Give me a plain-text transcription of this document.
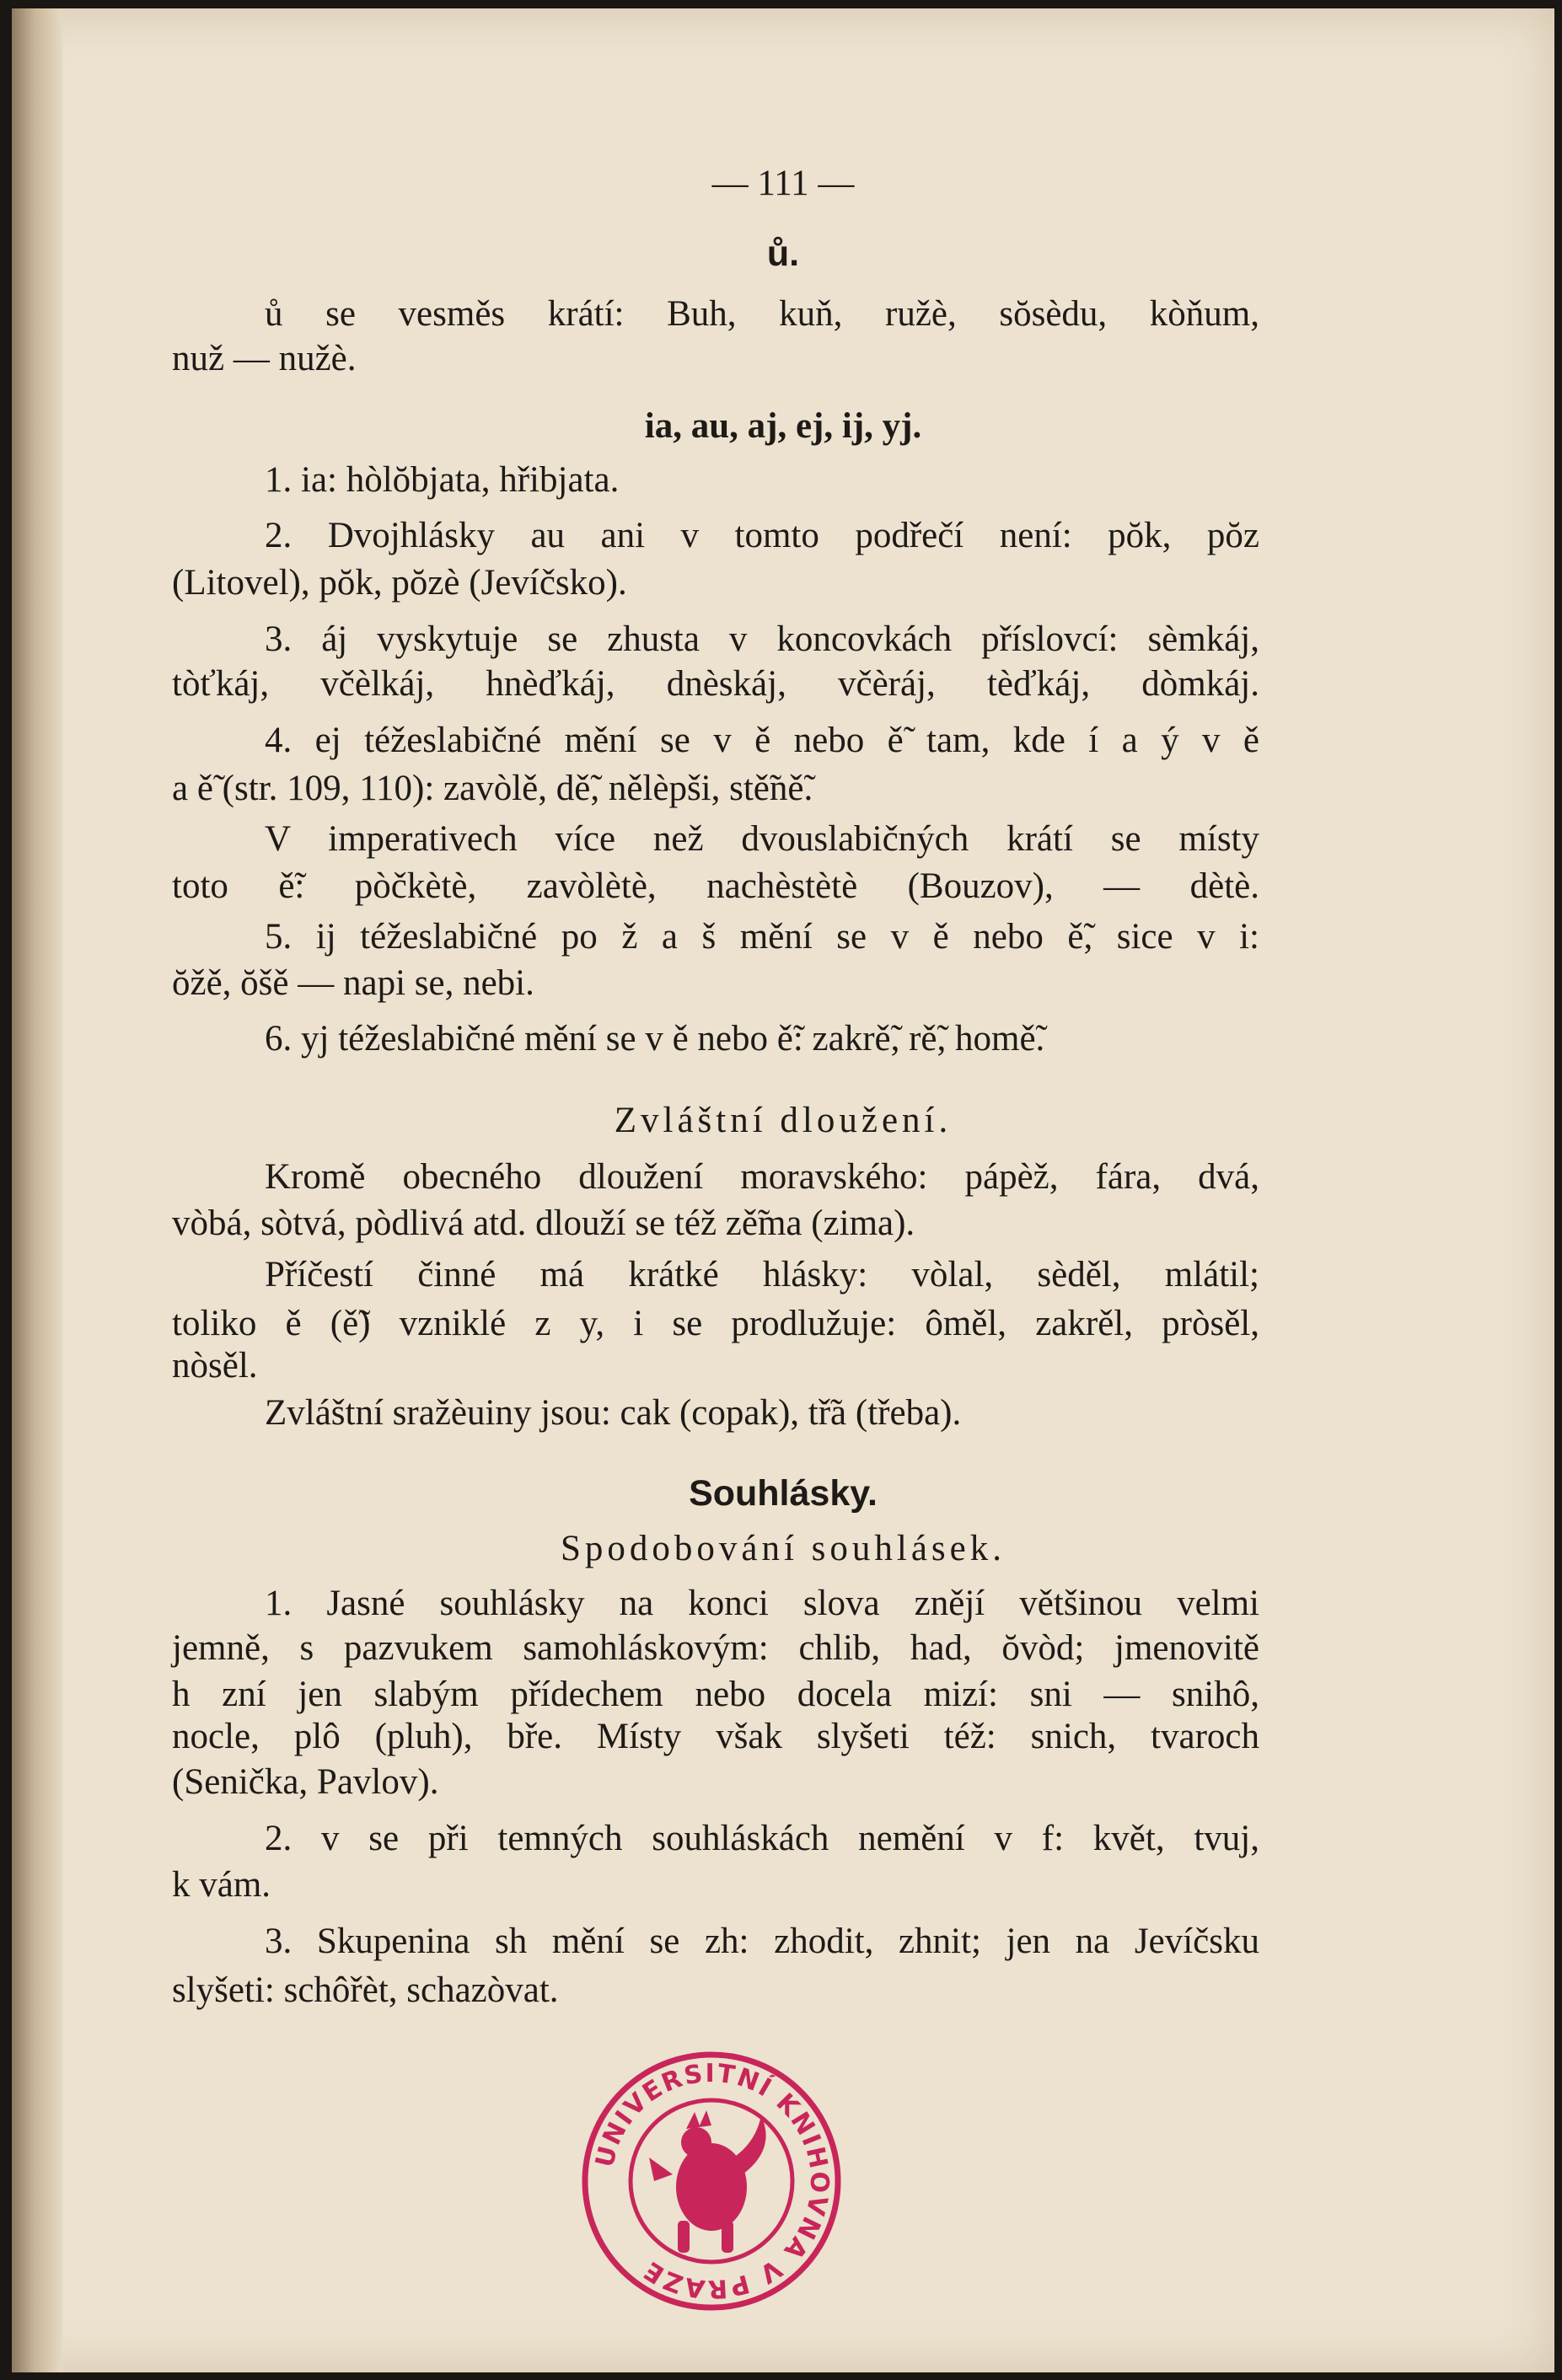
— 111 —
ů.
ů se vesměs krátí: Buh, kuň, ružè, sŏsèdu, kòňum,
nuž — nužè.
ia, au, aj, ej, ij, yj.
1. ia: hòlŏbjata, hřibjata.
2. Dvojhlásky au ani v tomto podřečí není: pŏk, pŏz
(Litovel), pŏk, pŏzè (Jevíčsko).
3. áj vyskytuje se zhusta v koncovkách příslovcí: sèmkáj,
tòťkáj, včèlkáj, hnèďkáj, dnèskáj, včèráj, tèďkáj, dòmkáj.
4. ej téžeslabičné mění se v ě nebo ě̃ tam, kde í a ý v ě
a ě̃ (str. 109, 110): zavòlě, dě̃, nělèpši, stě̃ně̃.
V imperativech více než dvouslabičných krátí se místy
toto ě̃: pòčkètè, zavòlètè, nachèstètè (Bouzov), — dètè.
5. ij téžeslabičné po ž a š mění se v ě nebo ě̃, sice v i:
ŏžě, ŏšě — napi se, nebi.
6. yj téžeslabičné mění se v ě nebo ě̃: zakrě̃, rě̃, homě̃.
Zvláštní dloužení.
Kromě obecného dloužení moravského: pápèž, fára, dvá,
vòbá, sòtvá, pòdlivá atd. dlouží se též zě̃ma (zima).
Příčestí činné má krátké hlásky: vòlal, sèděl, mlátil;
toliko ě (ě̃) vzniklé z y, i se prodlužuje: ôměl, zakrěl, pròsěl,
nòsěl.
Zvláštní sražèuiny jsou: cak (copak), tř̃a (třeba).
Souhlásky.
Spodobování souhlásek.
1. Jasné souhlásky na konci slova znějí většinou velmi
jemně, s pazvukem samohláskovým: chlib, had, ŏvòd; jmenovitě
h zní jen slabým přídechem nebo docela mizí: sni — snihô,
nocle, plô (pluh), bře. Místy však slyšeti též: snich, tvaroch
(Senička, Pavlov).
2. v se při temných souhláskách nemění v f: květ, tvuj,
k vám.
3. Skupenina sh mění se zh: zhodit, zhnit; jen na Jevíčsku
slyšeti: schôřèt, schazòvat.
UNIVERSITNÍ KNIHOVNA V PRAZE
